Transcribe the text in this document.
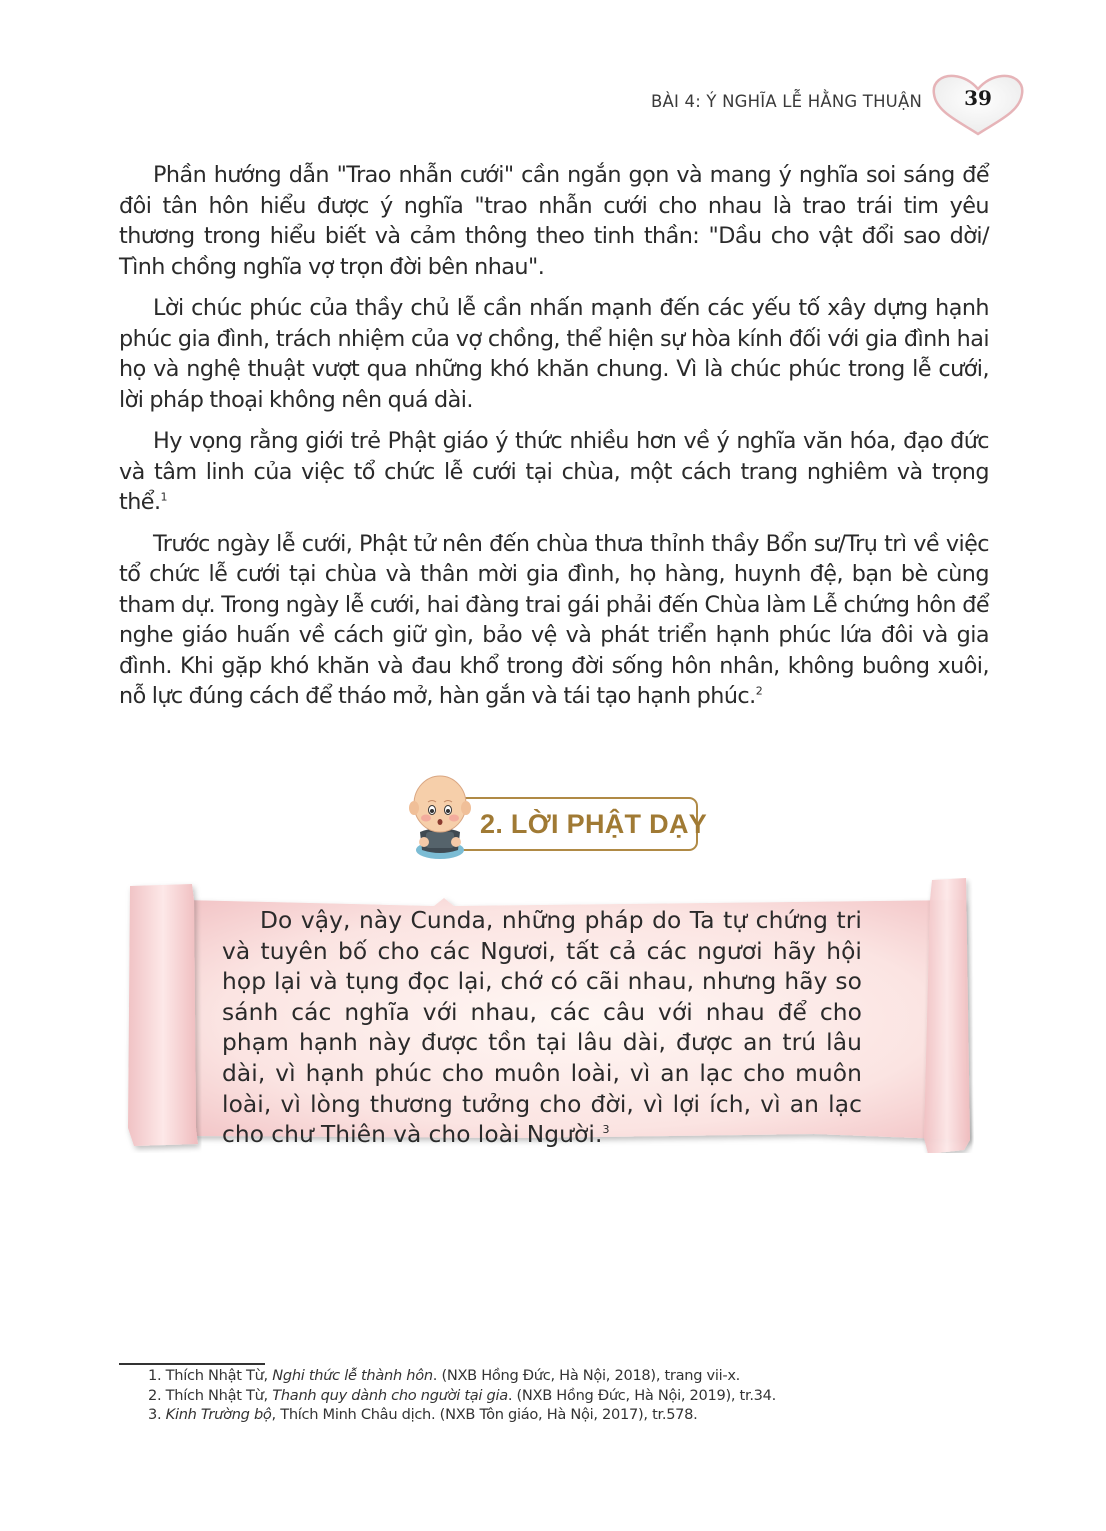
BÀI 4: Ý NGHĨA LỄ HẰNG THUẬN	39

Phần hướng dẫn "Trao nhẫn cưới" cần ngắn gọn và mang ý nghĩa soi sáng để đôi tân hôn hiểu được ý nghĩa "trao nhẫn cưới cho nhau là trao trái tim yêu thương trong hiểu biết và cảm thông theo tinh thần: "Dầu cho vật đổi sao dời/ Tình chồng nghĩa vợ trọn đời bên nhau".

Lời chúc phúc của thầy chủ lễ cần nhấn mạnh đến các yếu tố xây dựng hạnh phúc gia đình, trách nhiệm của vợ chồng, thể hiện sự hòa kính đối với gia đình hai họ và nghệ thuật vượt qua những khó khăn chung. Vì là chúc phúc trong lễ cưới, lời pháp thoại không nên quá dài.

Hy vọng rằng giới trẻ Phật giáo ý thức nhiều hơn về ý nghĩa văn hóa, đạo đức và tâm linh của việc tổ chức lễ cưới tại chùa, một cách trang nghiêm và trọng thể.$^1$

Trước ngày lễ cưới, Phật tử nên đến chùa thưa thỉnh thầy Bổn sư/Trụ trì về việc tổ chức lễ cưới tại chùa và thân mời gia đình, họ hàng, huynh đệ, bạn bè cùng tham dự. Trong ngày lễ cưới, hai đàng trai gái phải đến Chùa làm Lễ chứng hôn để nghe giáo huấn về cách giữ gìn, bảo vệ và phát triển hạnh phúc lứa đôi và gia đình. Khi gặp khó khăn và đau khổ trong đời sống hôn nhân, không buông xuôi, nỗ lực đúng cách để tháo mở, hàn gắn và tái tạo hạnh phúc.$^2$

2. LỜI PHẬT DẠY

Do vậy, này Cunda, những pháp do Ta tự chứng tri và tuyên bố cho các Ngươi, tất cả các ngươi hãy hội họp lại và tụng đọc lại, chớ có cãi nhau, nhưng hãy so sánh các nghĩa với nhau, các câu với nhau để cho phạm hạnh này được tồn tại lâu dài, được an trú lâu dài, vì hạnh phúc cho muôn loài, vì an lạc cho muôn loài, vì lòng thương tưởng cho đời, vì lợi ích, vì an lạc cho chư Thiên và cho loài Người.$^3$

1. Thích Nhật Từ, Nghi thức lễ thành hôn. (NXB Hồng Đức, Hà Nội, 2018), trang vii-x.
2. Thích Nhật Từ, Thanh quy dành cho người tại gia. (NXB Hồng Đức, Hà Nội, 2019), tr.34.
3. Kinh Trường bộ, Thích Minh Châu dịch. (NXB Tôn giáo, Hà Nội, 2017), tr.578.
